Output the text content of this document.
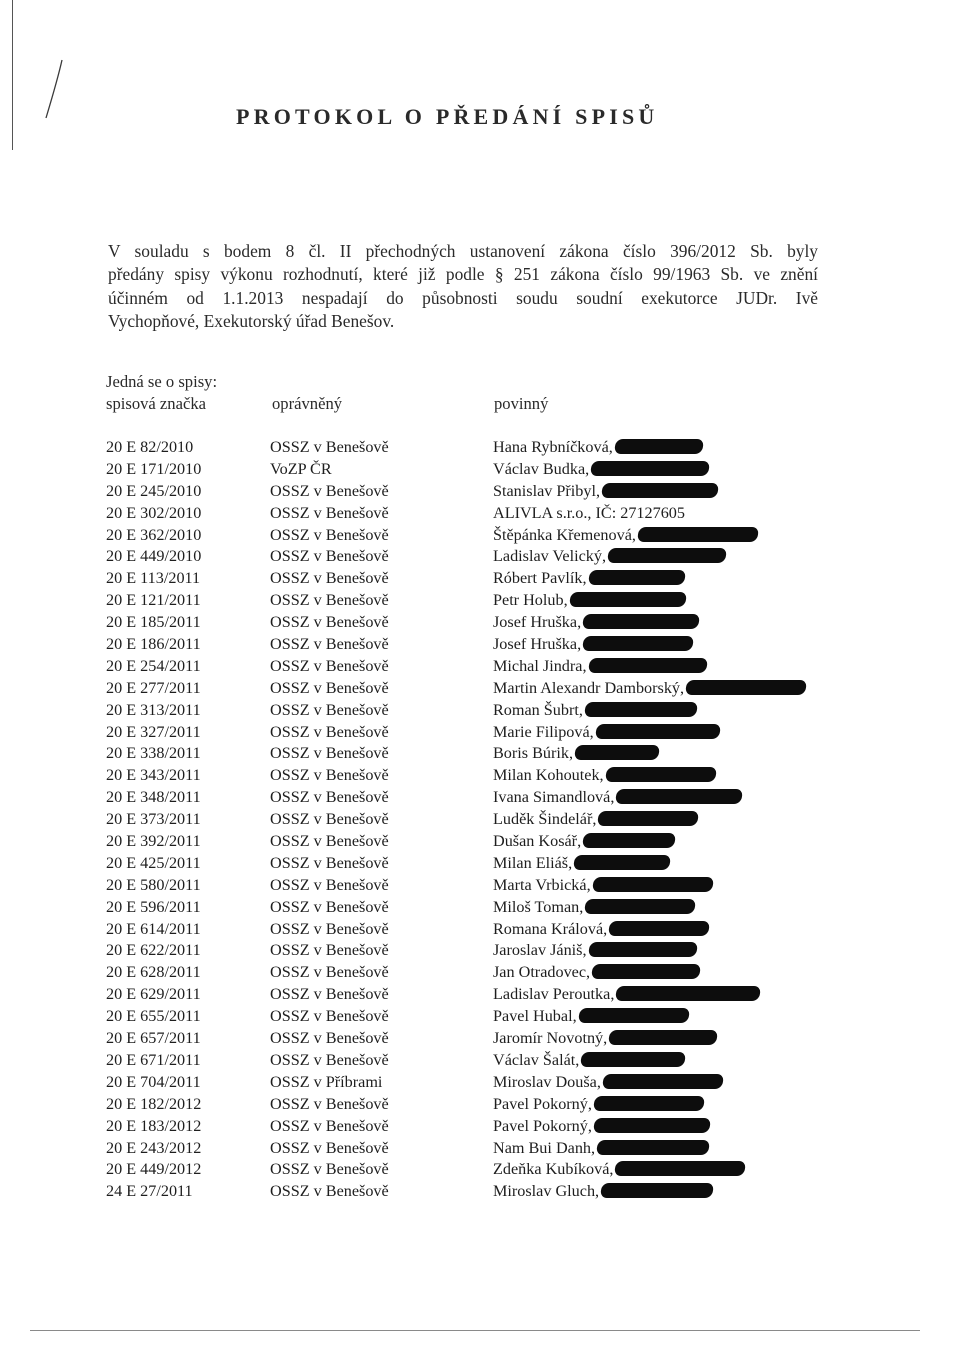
PROTOKOL O PŘEDÁNÍ SPISŮ
V souladu s bodem 8 čl. II přechodných ustanovení zákona číslo 396/2012 Sb. byly
předány spisy výkonu rozhodnutí, které již podle § 251 zákona číslo 99/1963 Sb. ve znění
účinném od 1.1.2013 nespadají do působnosti soudu soudní exekutorce JUDr. Ivě
Vychopňové, Exekutorský úřad Benešov.
Jedná se o spisy:
spisová značka	oprávněný	povinný
20 E 82/2010	OSSZ v Benešově	Hana Rybníčková,
20 E 171/2010	VoZP ČR	Václav Budka,
20 E 245/2010	OSSZ v Benešově	Stanislav Přibyl,
20 E 302/2010	OSSZ v Benešově	ALIVLA s.r.o., IČ: 27127605
20 E 362/2010	OSSZ v Benešově	Štěpánka Křemenová,
20 E 449/2010	OSSZ v Benešově	Ladislav Velický,
20 E 113/2011	OSSZ v Benešově	Róbert Pavlík,
20 E 121/2011	OSSZ v Benešově	Petr Holub,
20 E 185/2011	OSSZ v Benešově	Josef Hruška,
20 E 186/2011	OSSZ v Benešově	Josef Hruška,
20 E 254/2011	OSSZ v Benešově	Michal Jindra,
20 E 277/2011	OSSZ v Benešově	Martin Alexandr Damborský,
20 E 313/2011	OSSZ v Benešově	Roman Šubrt,
20 E 327/2011	OSSZ v Benešově	Marie Filipová,
20 E 338/2011	OSSZ v Benešově	Boris Búrik,
20 E 343/2011	OSSZ v Benešově	Milan Kohoutek,
20 E 348/2011	OSSZ v Benešově	Ivana Simandlová,
20 E 373/2011	OSSZ v Benešově	Luděk Šindelář,
20 E 392/2011	OSSZ v Benešově	Dušan Kosář,
20 E 425/2011	OSSZ v Benešově	Milan Eliáš,
20 E 580/2011	OSSZ v Benešově	Marta Vrbická,
20 E 596/2011	OSSZ v Benešově	Miloš Toman,
20 E 614/2011	OSSZ v Benešově	Romana Králová,
20 E 622/2011	OSSZ v Benešově	Jaroslav Jániš,
20 E 628/2011	OSSZ v Benešově	Jan Otradovec,
20 E 629/2011	OSSZ v Benešově	Ladislav Peroutka,
20 E 655/2011	OSSZ v Benešově	Pavel Hubal,
20 E 657/2011	OSSZ v Benešově	Jaromír Novotný,
20 E 671/2011	OSSZ v Benešově	Václav Šalát,
20 E 704/2011	OSSZ v Příbrami	Miroslav Douša,
20 E 182/2012	OSSZ v Benešově	Pavel Pokorný,
20 E 183/2012	OSSZ v Benešově	Pavel Pokorný,
20 E 243/2012	OSSZ v Benešově	Nam Bui Danh,
20 E 449/2012	OSSZ v Benešově	Zdeňka Kubíková,
24 E 27/2011	OSSZ v Benešově	Miroslav Gluch,
